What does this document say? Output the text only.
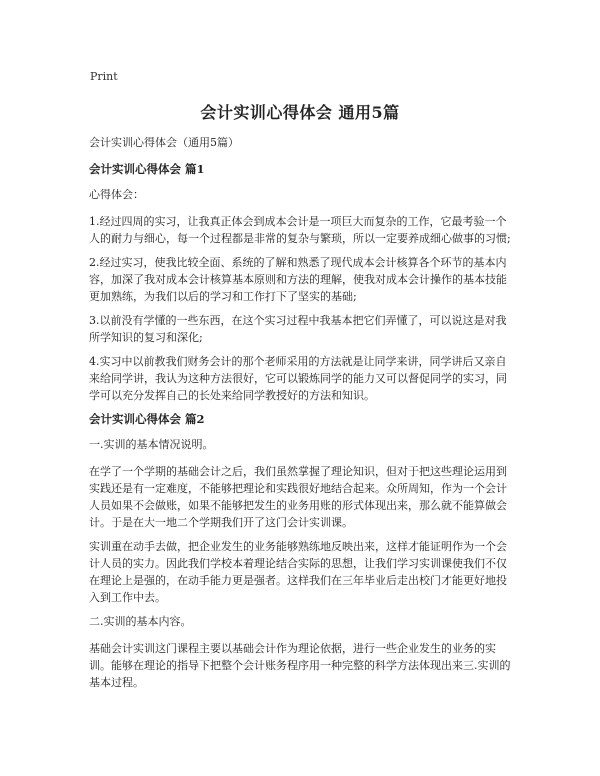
Print
会计实训心得体会 通用5篇

会计实训心得体会（通用5篇）

会计实训心得体会 篇1

心得体会：

1.经过四周的实习，让我真正体会到成本会计是一项巨大而复杂的工作，它最考验一个人的耐力与细心，每一个过程都是非常的复杂与繁琐，所以一定要养成细心做事的习惯;

2.经过实习，使我比较全面、系统的了解和熟悉了现代成本会计核算各个环节的基本内容，加深了我对成本会计核算基本原则和方法的理解，使我对成本会计操作的基本技能更加熟练，为我们以后的学习和工作打下了坚实的基础;

3.以前没有学懂的一些东西，在这个实习过程中我基本把它们弄懂了，可以说这是对我所学知识的复习和深化;

4.实习中以前教我们财务会计的那个老师采用的方法就是让同学来讲，同学讲后又亲自来给同学讲，我认为这种方法很好，它可以锻炼同学的能力又可以督促同学的实习，同学可以充分发挥自己的长处来给同学教授好的方法和知识。

会计实训心得体会 篇2

一.实训的基本情况说明。

在学了一个学期的基础会计之后，我们虽然掌握了理论知识，但对于把这些理论运用到实践还是有一定难度，不能够把理论和实践很好地结合起来。众所周知，作为一个会计人员如果不会做账，如果不能够把发生的业务用账的形式体现出来，那么就不能算做会计。于是在大一地二个学期我们开了这门会计实训课。

实训重在动手去做，把企业发生的业务能够熟练地反映出来，这样才能证明作为一个会计人员的实力。因此我们学校本着理论结合实际的思想，让我们学习实训课使我们不仅在理论上是强的，在动手能力更是强者。这样我们在三年毕业后走出校门才能更好地投入到工作中去。

二.实训的基本内容。

基础会计实训这门课程主要以基础会计作为理论依据，进行一些企业发生的业务的实训。能够在理论的指导下把整个会计账务程序用一种完整的科学方法体现出来三.实训的基本过程。
